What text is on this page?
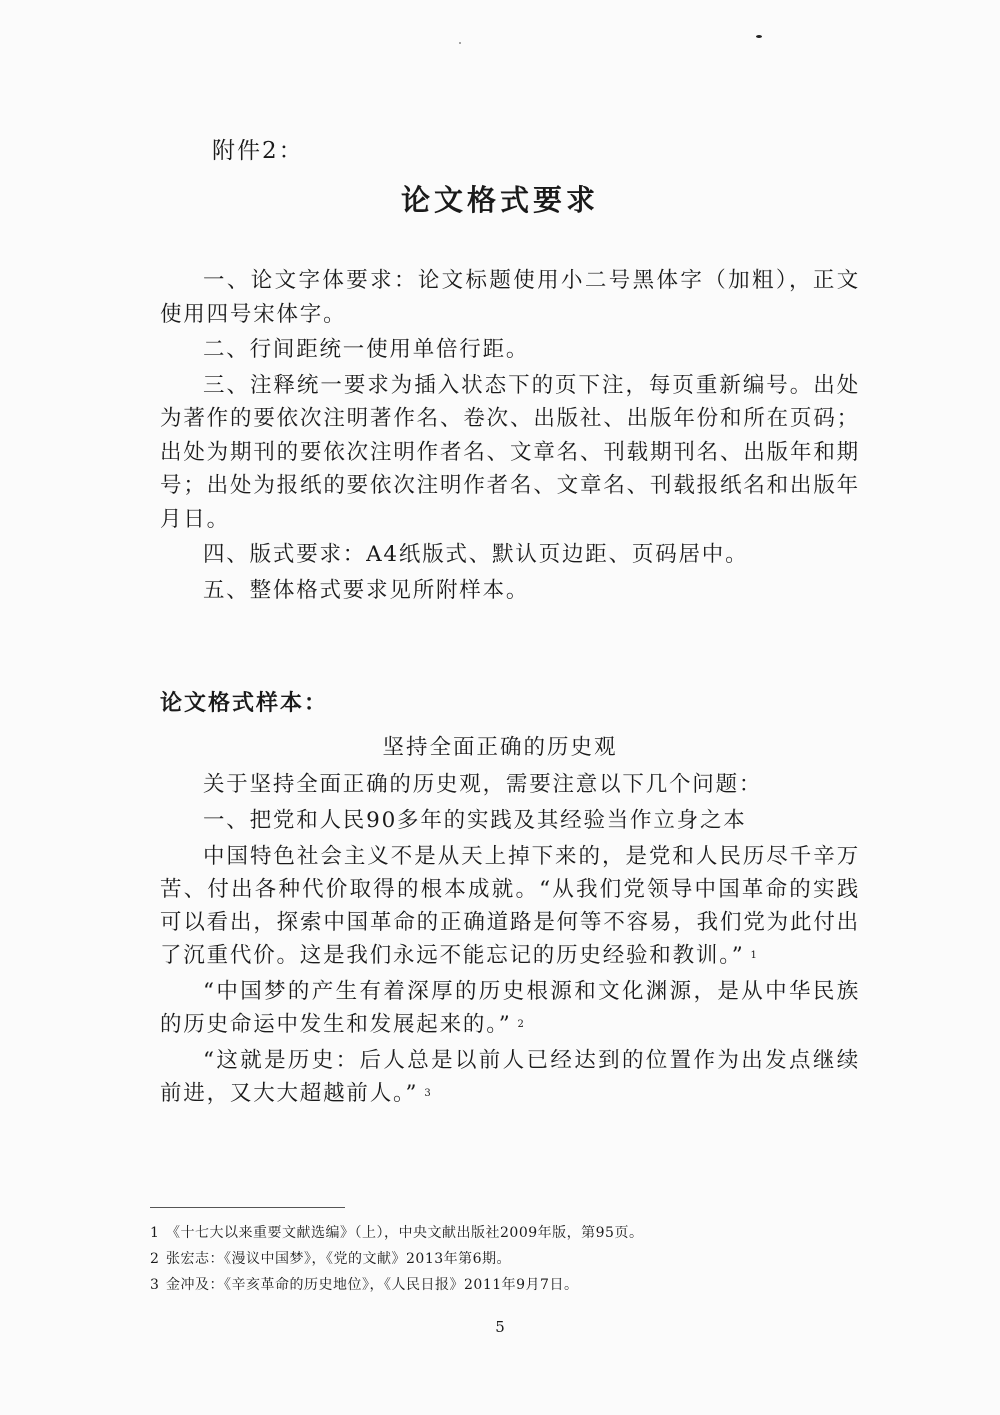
附件2：
论文格式要求

一、论文字体要求：论文标题使用小二号黑体字（加粗），正文使用四号宋体字。

二、行间距统一使用单倍行距。

三、注释统一要求为插入状态下的页下注，每页重新编号。出处为著作的要依次注明著作名、卷次、出版社、出版年份和所在页码；出处为期刊的要依次注明作者名、文章名、刊载期刊名、出版年和期号；出处为报纸的要依次注明作者名、文章名、刊载报纸名和出版年月日。

四、版式要求：A4纸版式、默认页边距、页码居中。

五、整体格式要求见所附样本。

论文格式样本：
坚持全面正确的历史观

关于坚持全面正确的历史观，需要注意以下几个问题：

一、把党和人民90多年的实践及其经验当作立身之本

中国特色社会主义不是从天上掉下来的，是党和人民历尽千辛万苦、付出各种代价取得的根本成就。“从我们党领导中国革命的实践可以看出，探索中国革命的正确道路是何等不容易，我们党为此付出了沉重代价。这是我们永远不能忘记的历史经验和教训。” $^1$

“中国梦的产生有着深厚的历史根源和文化渊源，是从中华民族的历史命运中发生和发展起来的。” $^2$

“这就是历史：后人总是以前人已经达到的位置作为出发点继续前进，又大大超越前人。” $^3$

1 《十七大以来重要文献选编》（上），中央文献出版社2009年版，第95页。
2 张宏志：《漫议中国梦》，《党的文献》2013年第6期。
3 金冲及：《辛亥革命的历史地位》，《人民日报》2011年9月7日。
5
